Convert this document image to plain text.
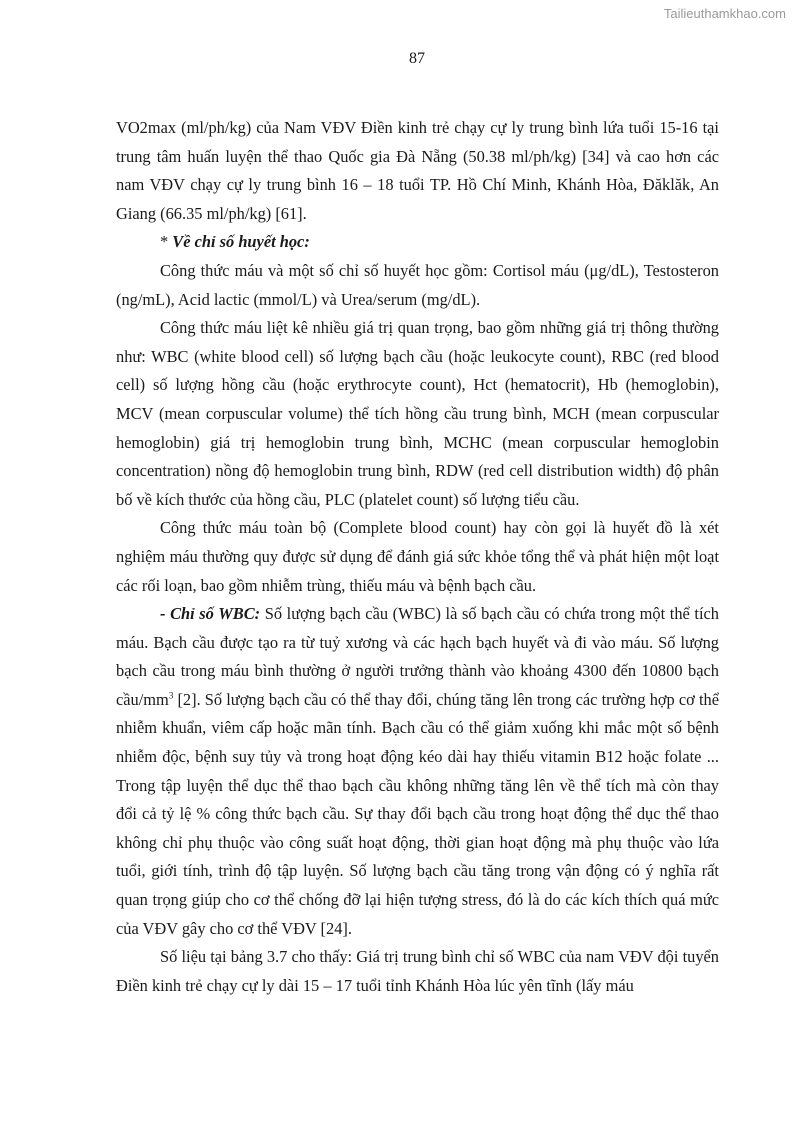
Tailieuthamkhao.com
87

VO2max (ml/ph/kg) của Nam VĐV Điền kinh trẻ chạy cự ly trung bình lứa tuổi 15-16 tại trung tâm huấn luyện thể thao Quốc gia Đà Nẵng (50.38 ml/ph/kg) [34] và cao hơn các nam VĐV chạy cự ly trung bình 16 – 18 tuổi TP. Hồ Chí Minh, Khánh Hòa, Đăklăk, An Giang (66.35 ml/ph/kg) [61].

* Về chỉ số huyết học:

Công thức máu và một số chỉ số huyết học gồm: Cortisol máu (μg/dL), Testosteron (ng/mL), Acid lactic (mmol/L) và Urea/serum (mg/dL).

Công thức máu liệt kê nhiều giá trị quan trọng, bao gồm những giá trị thông thường như: WBC (white blood cell) số lượng bạch cầu (hoặc leukocyte count), RBC (red blood cell) số lượng hồng cầu (hoặc erythrocyte count), Hct (hematocrit), Hb (hemoglobin), MCV (mean corpuscular volume) thể tích hồng cầu trung bình, MCH (mean corpuscular hemoglobin) giá trị hemoglobin trung bình, MCHC (mean corpuscular hemoglobin concentration) nồng độ hemoglobin trung bình, RDW (red cell distribution width) độ phân bố về kích thước của hồng cầu, PLC (platelet count) số lượng tiểu cầu.

Công thức máu toàn bộ (Complete blood count) hay còn gọi là huyết đồ là xét nghiệm máu thường quy được sử dụng để đánh giá sức khỏe tổng thể và phát hiện một loạt các rối loạn, bao gồm nhiễm trùng, thiếu máu và bệnh bạch cầu.

- Chỉ số WBC: Số lượng bạch cầu (WBC) là số bạch cầu có chứa trong một thể tích máu. Bạch cầu được tạo ra từ tuỷ xương và các hạch bạch huyết và đi vào máu. Số lượng bạch cầu trong máu bình thường ở người trưởng thành vào khoảng 4300 đến 10800 bạch cầu/$mm^3$ [2]. Số lượng bạch cầu có thể thay đổi, chúng tăng lên trong các trường hợp cơ thể nhiễm khuẩn, viêm cấp hoặc mãn tính. Bạch cầu có thể giảm xuống khi mắc một số bệnh nhiễm độc, bệnh suy tủy và trong hoạt động kéo dài hay thiếu vitamin B12 hoặc folate ... Trong tập luyện thể dục thể thao bạch cầu không những tăng lên về thể tích mà còn thay đổi cả tỷ lệ % công thức bạch cầu. Sự thay đổi bạch cầu trong hoạt động thể dục thể thao không chỉ phụ thuộc vào công suất hoạt động, thời gian hoạt động mà phụ thuộc vào lứa tuổi, giới tính, trình độ tập luyện. Số lượng bạch cầu tăng trong vận động có ý nghĩa rất quan trọng giúp cho cơ thể chống đỡ lại hiện tượng stress, đó là do các kích thích quá mức của VĐV gây cho cơ thể VĐV [24].

Số liệu tại bảng 3.7 cho thấy: Giá trị trung bình chỉ số WBC của nam VĐV đội tuyển Điền kinh trẻ chạy cự ly dài 15 – 17 tuổi tỉnh Khánh Hòa lúc yên tĩnh (lấy máu
